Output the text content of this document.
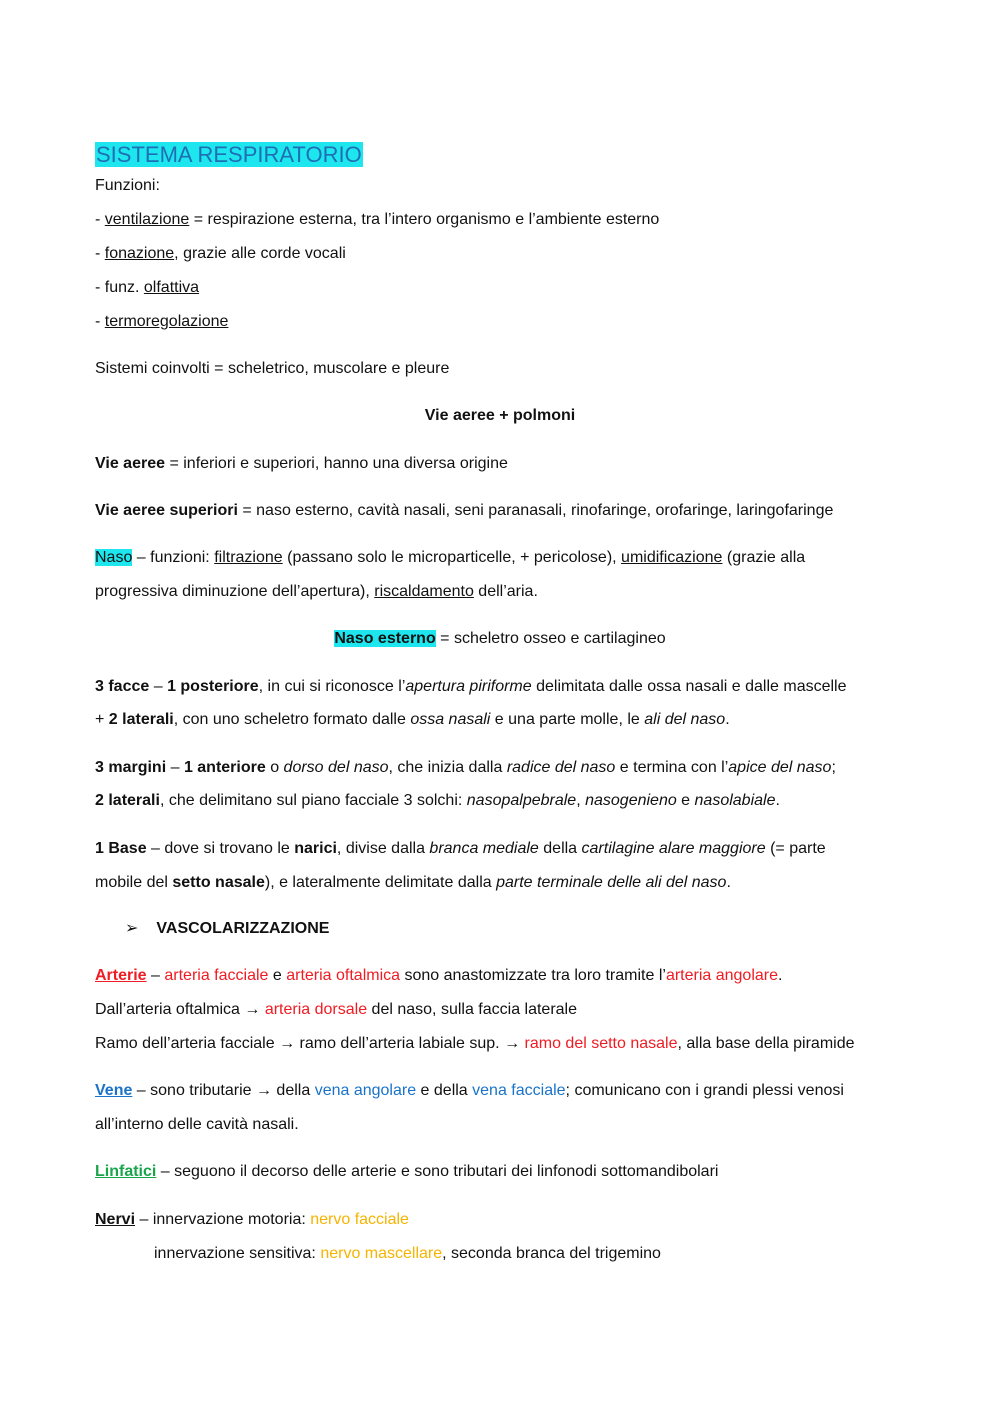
SISTEMA RESPIRATORIO
Funzioni:
- ventilazione = respirazione esterna, tra l’intero organismo e l’ambiente esterno
- fonazione, grazie alle corde vocali
- funz. olfattiva
- termoregolazione
Sistemi coinvolti = scheletrico, muscolare e pleure
Vie aeree + polmoni
Vie aeree = inferiori e superiori, hanno una diversa origine
Vie aeree superiori = naso esterno, cavità nasali, seni paranasali, rinofaringe, orofaringe, laringofaringe
Naso – funzioni: filtrazione (passano solo le microparticelle, + pericolose), umidificazione (grazie alla
progressiva diminuzione dell’apertura), riscaldamento dell’aria.
Naso esterno = scheletro osseo e cartilagineo
3 facce – 1 posteriore, in cui si riconosce l’apertura piriforme delimitata dalle ossa nasali e dalle mascelle
+ 2 laterali, con uno scheletro formato dalle ossa nasali e una parte molle, le ali del naso.
3 margini – 1 anteriore o dorso del naso, che inizia dalla radice del naso e termina con l’apice del naso;
2 laterali, che delimitano sul piano facciale 3 solchi: nasopalpebrale, nasogenieno e nasolabiale.
1 Base – dove si trovano le narici, divise dalla branca mediale della cartilagine alare maggiore (= parte
mobile del setto nasale), e lateralmente delimitate dalla parte terminale delle ali del naso.
➢ VASCOLARIZZAZIONE
Arterie – arteria facciale e arteria oftalmica sono anastomizzate tra loro tramite l’arteria angolare.
Dall’arteria oftalmica → arteria dorsale del naso, sulla faccia laterale
Ramo dell’arteria facciale → ramo dell’arteria labiale sup. → ramo del setto nasale, alla base della piramide
Vene – sono tributarie → della vena angolare e della vena facciale; comunicano con i grandi plessi venosi
all’interno delle cavità nasali.
Linfatici – seguono il decorso delle arterie e sono tributari dei linfonodi sottomandibolari
Nervi – innervazione motoria: nervo facciale
innervazione sensitiva: nervo mascellare, seconda branca del trigemino
